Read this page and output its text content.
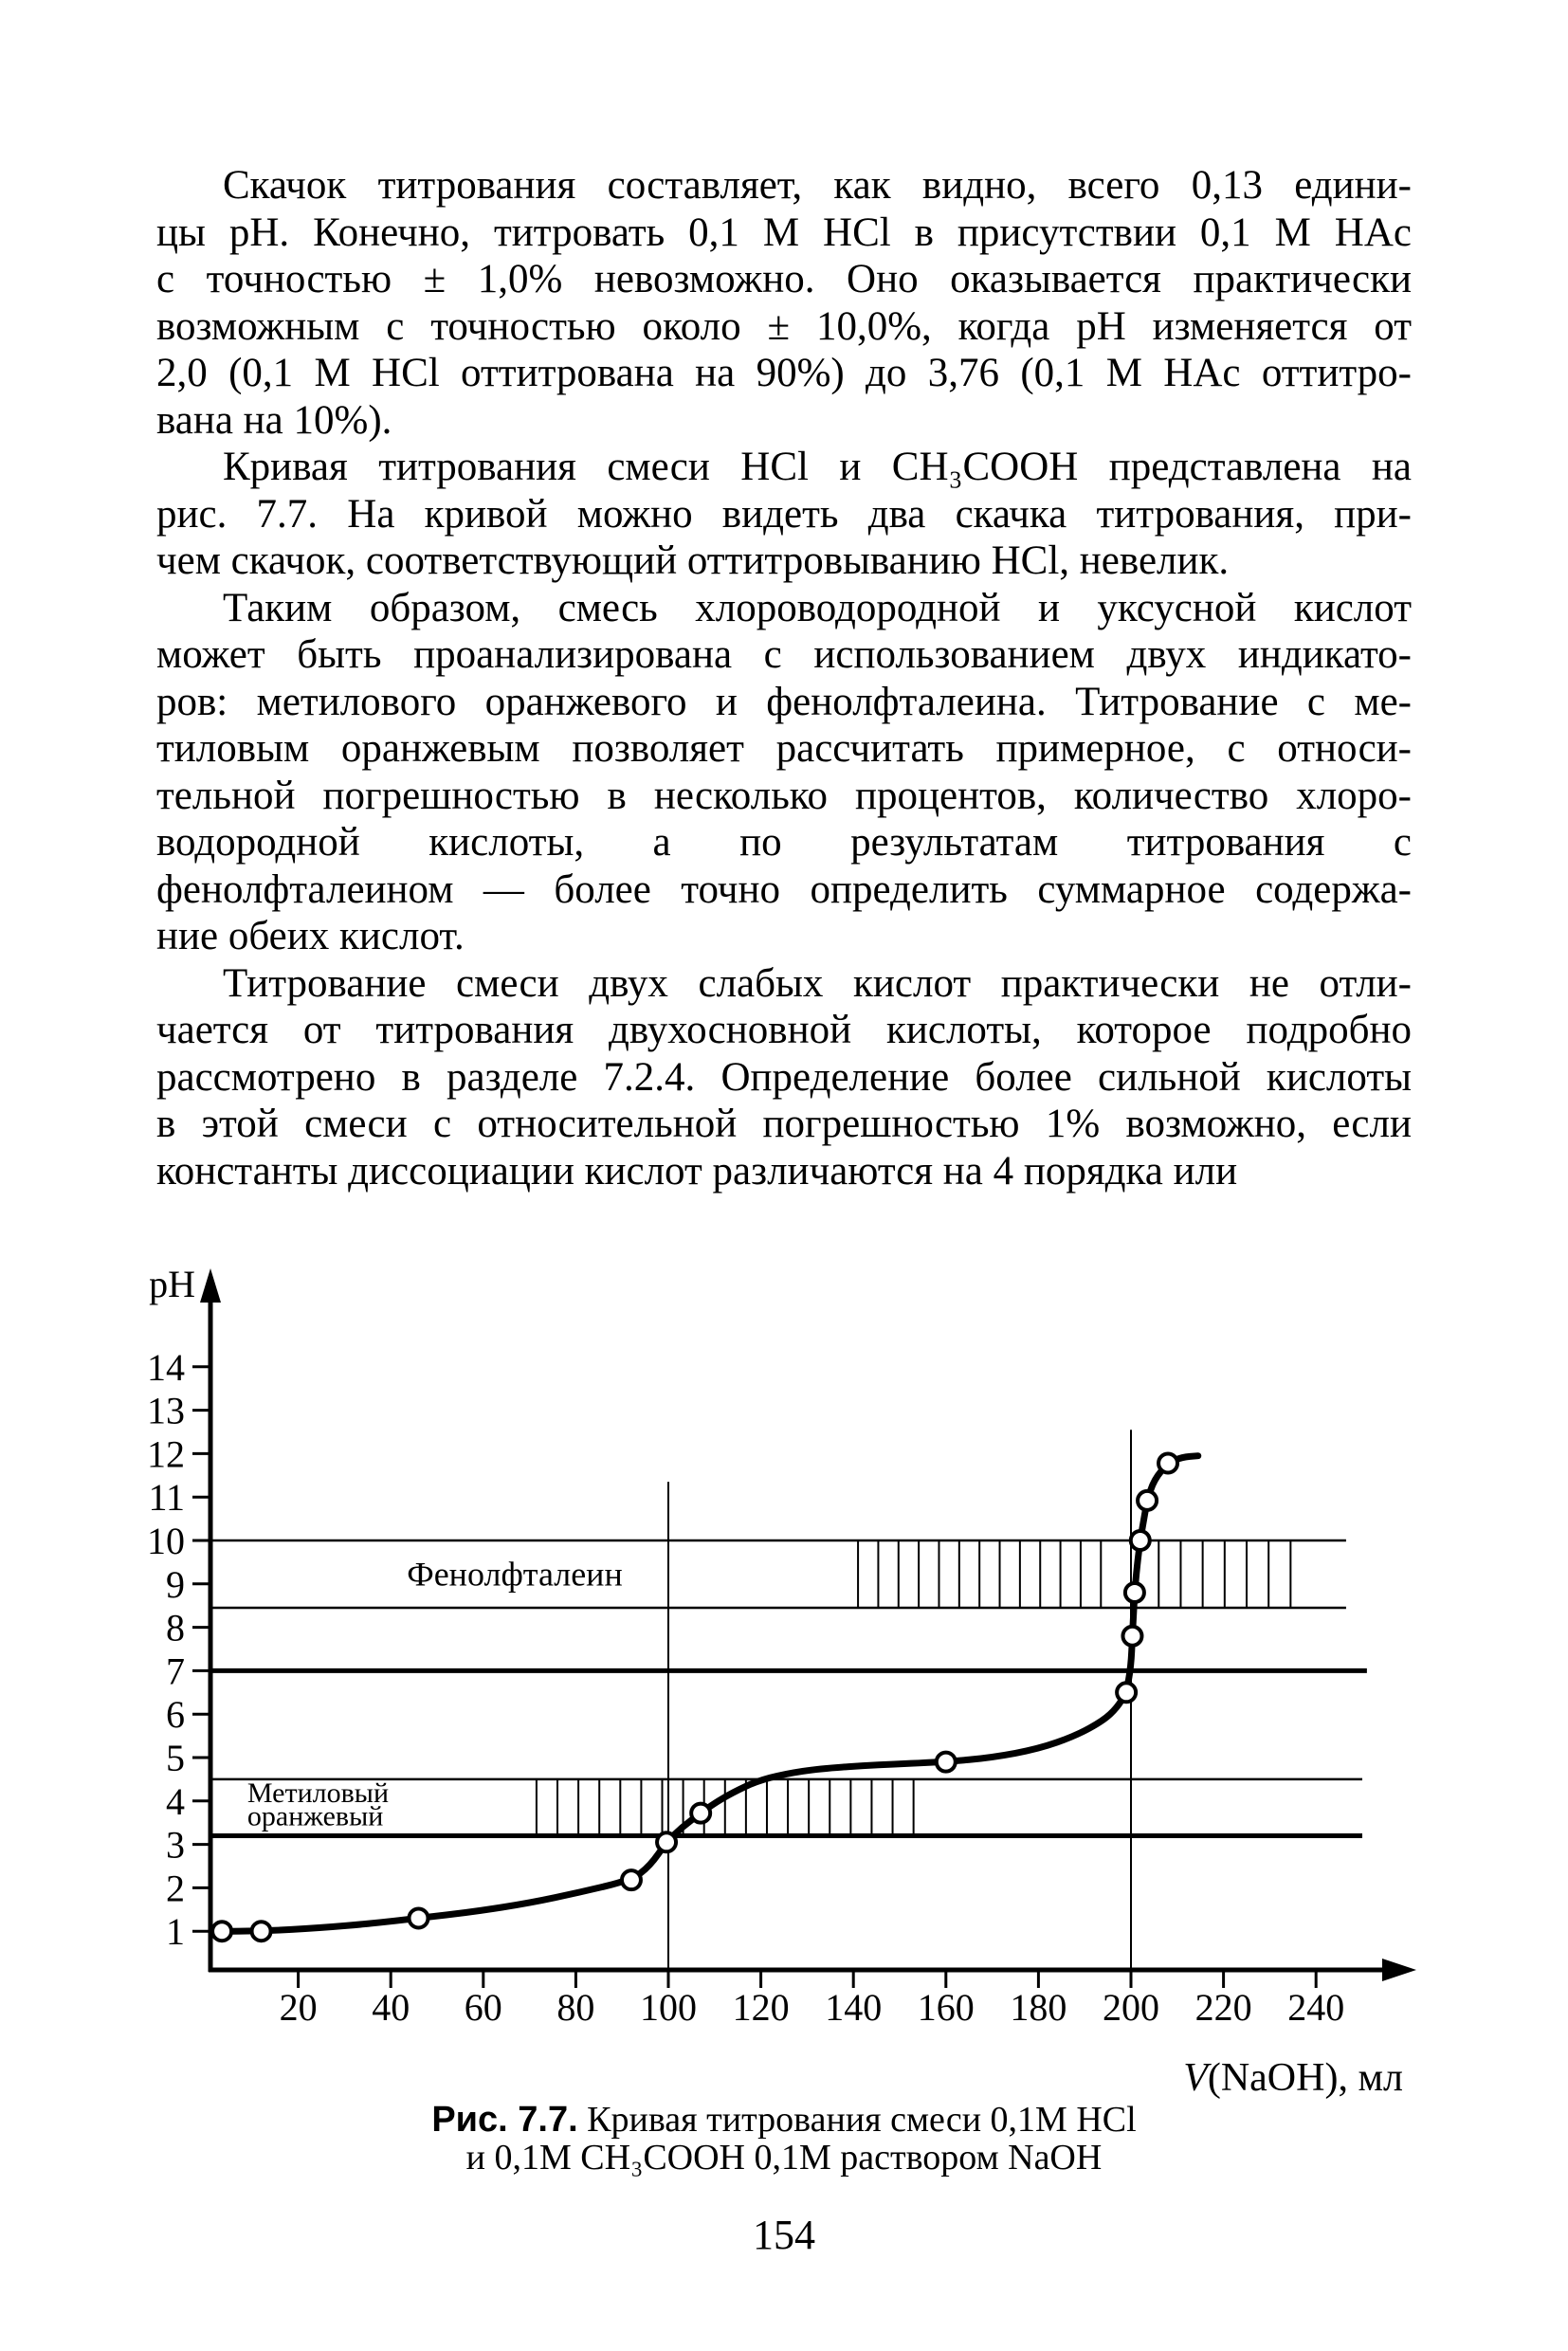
Скачок титрования составляет, как видно, всего 0,13 едини-
цы pH. Конечно, титровать 0,1 М HCl в присутствии 0,1 М HAc
с точностью ± 1,0% невозможно. Оно оказывается практически
возможным с точностью около ± 10,0%, когда pH изменяется от
2,0 (0,1 М HCl оттитрована на 90%) до 3,76 (0,1 М HAc оттитро-
вана на 10%).
Кривая титрования смеси HCl и CH₃COOH представлена на
рис. 7.7. На кривой можно видеть два скачка титрования, при-
чем скачок, соответствующий оттитровыванию HCl, невелик.
Таким образом, смесь хлороводородной и уксусной кислот
может быть проанализирована с использованием двух индикато-
ров: метилового оранжевого и фенолфталеина. Титрование с ме-
тиловым оранжевым позволяет рассчитать примерное, с относи-
тельной погрешностью в несколько процентов, количество хлоро-
водородной кислоты, а по результатам титрования с
фенолфталеином — более точно определить суммарное содержа-
ние обеих кислот.
Титрование смеси двух слабых кислот практически не отли-
чается от титрования двухосновной кислоты, которое подробно
рассмотрено в разделе 7.2.4. Определение более сильной кислоты
в этой смеси с относительной погрешностью 1% возможно, если
константы диссоциации кислот различаются на 4 порядка или
Фенолфталеин
Метиловый
оранжевый
1
2
3
4
5
6
7
8
9
10
11
12
13
14
20 40 60 80 100 120 140 160 180 200 220 240
pH
V(NaOH), мл
Рис. 7.7. Кривая титрования смеси 0,1М HCl
и 0,1М CH₃COOH 0,1М раствором NaOH
154
